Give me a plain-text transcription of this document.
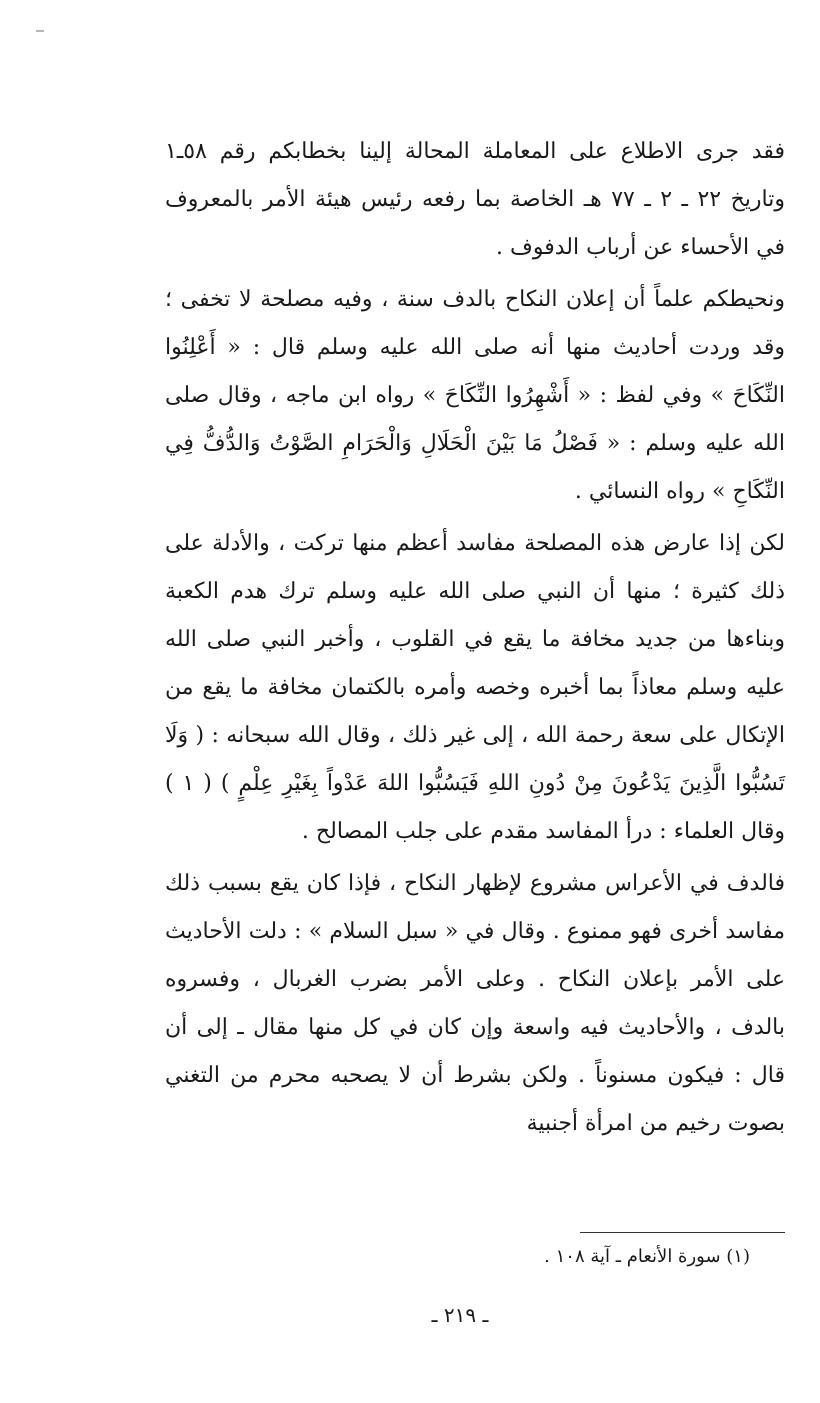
فقد جرى الاطلاع على المعاملة المحالة إلينا بخطابكم رقم ٥٨ـ١ وتاريخ ٢٢ ـ ٢ ـ ٧٧ هـ الخاصة بما رفعه رئيس هيئة الأمر بالمعروف في الأحساء عن أرباب الدفوف .

ونحيطكم علماً أن إعلان النكاح بالدف سنة ، وفيه مصلحة لا تخفى ؛ وقد وردت أحاديث منها أنه صلى الله عليه وسلم قال : « أَعْلِنُوا النِّكَاحَ » وفي لفظ : « أَشْهِرُوا النِّكَاحَ » رواه ابن ماجه ، وقال صلى الله عليه وسلم : « فَصْلُ مَا بَيْنَ الْحَلَالِ وَالْحَرَامِ الصَّوْتُ وَالدُّفُّ فِي النِّكَاحِ » رواه النسائي .

لكن إذا عارض هذه المصلحة مفاسد أعظم منها تركت ، والأدلة على ذلك كثيرة ؛ منها أن النبي صلى الله عليه وسلم ترك هدم الكعبة وبناءها من جديد مخافة ما يقع في القلوب ، وأخبر النبي صلى الله عليه وسلم معاذاً بما أخبره وخصه وأمره بالكتمان مخافة ما يقع من الإتكال على سعة رحمة الله ، إلى غير ذلك ، وقال الله سبحانه : ( وَلَا تَسُبُّوا الَّذِينَ يَدْعُونَ مِنْ دُونِ اللهِ فَيَسُبُّوا اللهَ عَدْواً بِغَيْرِ عِلْمٍ ) ( ١ ) وقال العلماء : درأ المفاسد مقدم على جلب المصالح .

فالدف في الأعراس مشروع لإظهار النكاح ، فإذا كان يقع بسبب ذلك مفاسد أخرى فهو ممنوع . وقال في « سبل السلام » : دلت الأحاديث على الأمر بإعلان النكاح . وعلى الأمر بضرب الغربال ، وفسروه بالدف ، والأحاديث فيه واسعة وإن كان في كل منها مقال ـ إلى أن قال : فيكون مسنوناً . ولكن بشرط أن لا يصحبه محرم من التغني بصوت رخيم من امرأة أجنبية

(١) سورة الأنعام ـ آية ١٠٨ .

ـ ٢١٩ ـ
